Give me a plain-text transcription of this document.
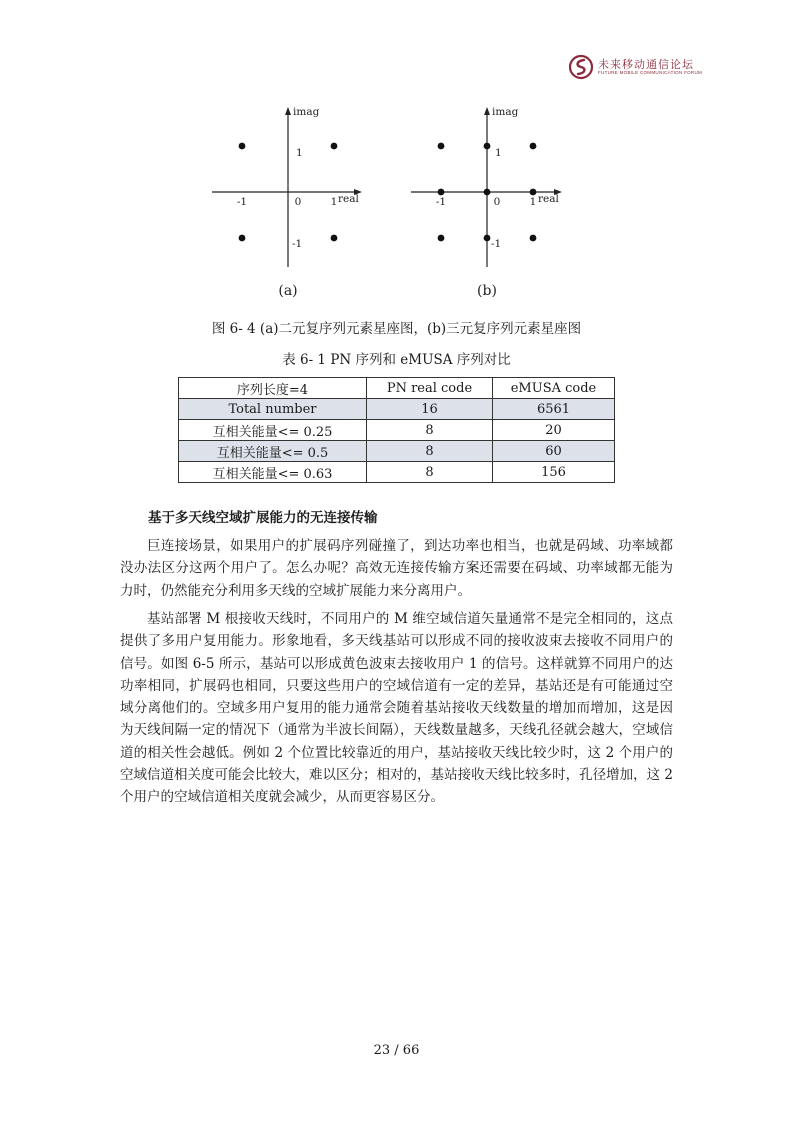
未来移动通信论坛
FUTURE MOBILE COMMUNICATION FORUM
imag
real
-1	0	1
1
-1
(a)
imag
real
-1	0	1
1
-1
(b)
图 6- 4 (a)二元复序列元素星座图，(b)三元复序列元素星座图
表 6- 1 PN 序列和 eMUSA 序列对比
序列长度=4	PN real code	eMUSA code
Total number	16	6561
互相关能量<= 0.25	8	20
互相关能量<= 0.5	8	60
互相关能量<= 0.63	8	156
基于多天线空域扩展能力的无连接传输

巨连接场景，如果用户的扩展码序列碰撞了，到达功率也相当，也就是码域、功率域都没办法区分这两个用户了。怎么办呢？高效无连接传输方案还需要在码域、功率域都无能为力时，仍然能充分利用多天线的空域扩展能力来分离用户。

基站部署 M 根接收天线时，不同用户的 M 维空域信道矢量通常不是完全相同的，这点提供了多用户复用能力。形象地看，多天线基站可以形成不同的接收波束去接收不同用户的信号。如图 6-5 所示，基站可以形成黄色波束去接收用户 1 的信号。这样就算不同用户的达功率相同，扩展码也相同，只要这些用户的空域信道有一定的差异，基站还是有可能通过空域分离他们的。空域多用户复用的能力通常会随着基站接收天线数量的增加而增加，这是因为天线间隔一定的情况下（通常为半波长间隔），天线数量越多，天线孔径就会越大，空域信道的相关性会越低。例如 2 个位置比较靠近的用户，基站接收天线比较少时，这 2 个用户的空域信道相关度可能会比较大，难以区分；相对的，基站接收天线比较多时，孔径增加，这 2 个用户的空域信道相关度就会减少，从而更容易区分。

23 / 66
